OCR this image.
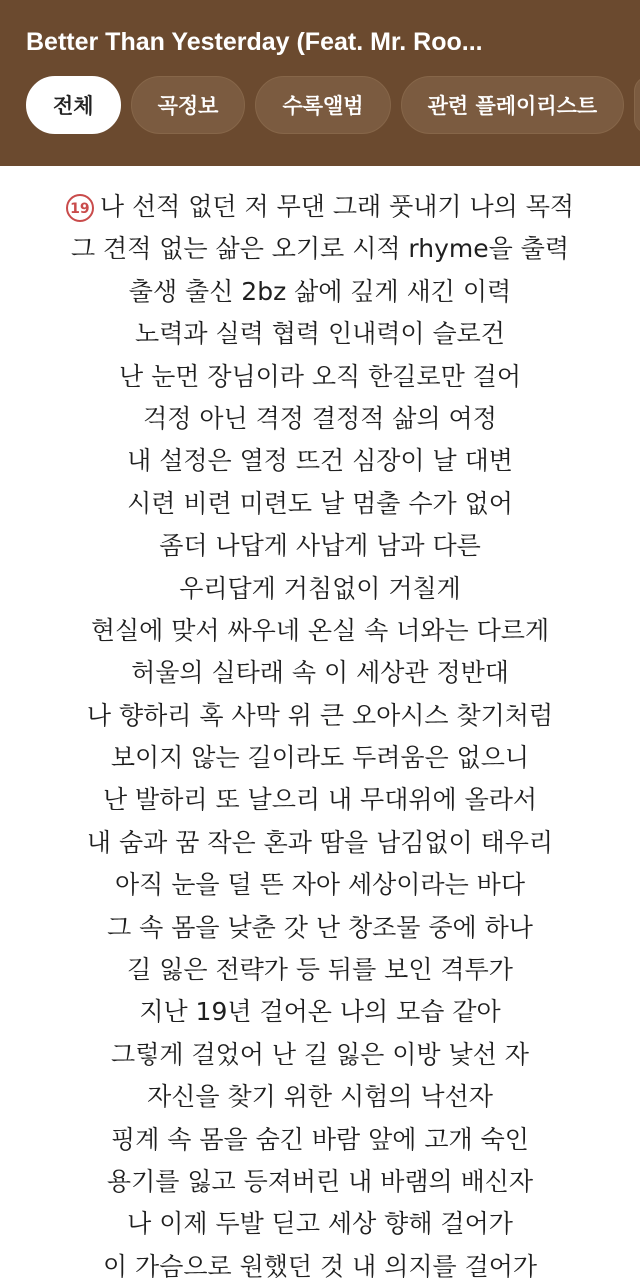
Better Than Yesterday (Feat. Mr. Roo...
전체	곡정보	수록앨범	관련 플레이리스트
19 나 선적 없던 저 무댄 그래 풋내기 나의 목적
그 견적 없는 삶은 오기로 시적 rhyme을 출력
출생 출신 2bz 삶에 깊게 새긴 이력
노력과 실력 협력 인내력이 슬로건
난 눈먼 장님이라 오직 한길로만 걸어
걱정 아닌 격정 결정적 삶의 여정
내 설정은 열정 뜨건 심장이 날 대변
시련 비련 미련도 날 멈출 수가 없어
좀더 나답게 사납게 남과 다른
우리답게 거침없이 거칠게
현실에 맞서 싸우네 온실 속 너와는 다르게
허울의 실타래 속 이 세상관 정반대
나 향하리 혹 사막 위 큰 오아시스 찾기처럼
보이지 않는 길이라도 두려움은 없으니
난 발하리 또 날으리 내 무대위에 올라서
내 숨과 꿈 작은 혼과 땀을 남김없이 태우리
아직 눈을 덜 뜬 자아 세상이라는 바다
그 속 몸을 낮춘 갓 난 창조물 중에 하나
길 잃은 전략가 등 뒤를 보인 격투가
지난 19년 걸어온 나의 모습 같아
그렇게 걸었어 난 길 잃은 이방 낯선 자
자신을 찾기 위한 시험의 낙선자
핑계 속 몸을 숨긴 바람 앞에 고개 숙인
용기를 잃고 등져버린 내 바램의 배신자
나 이제 두발 딛고 세상 향해 걸어가
이 가슴으로 원했던 것 내 의지를 걸어가
